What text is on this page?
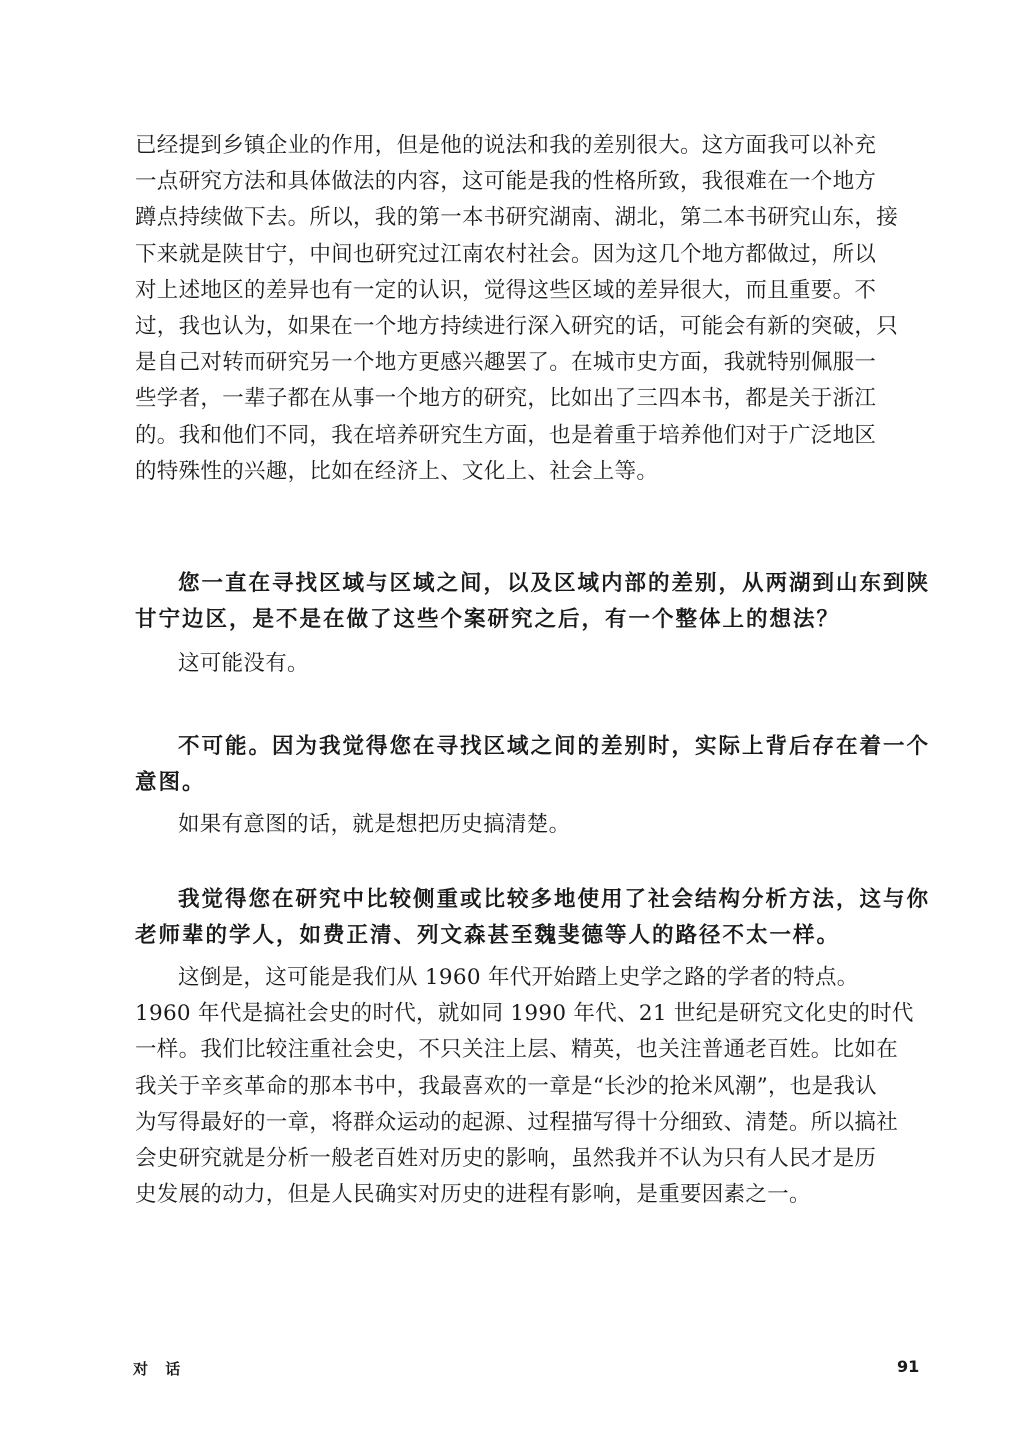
已经提到乡镇企业的作用，但是他的说法和我的差别很大。这方面我可以补充
一点研究方法和具体做法的内容，这可能是我的性格所致，我很难在一个地方
蹲点持续做下去。所以，我的第一本书研究湖南、湖北，第二本书研究山东，接
下来就是陕甘宁，中间也研究过江南农村社会。因为这几个地方都做过，所以
对上述地区的差异也有一定的认识，觉得这些区域的差异很大，而且重要。不
过，我也认为，如果在一个地方持续进行深入研究的话，可能会有新的突破，只
是自己对转而研究另一个地方更感兴趣罢了。在城市史方面，我就特别佩服一
些学者，一辈子都在从事一个地方的研究，比如出了三四本书，都是关于浙江
的。我和他们不同，我在培养研究生方面，也是着重于培养他们对于广泛地区
的特殊性的兴趣，比如在经济上、文化上、社会上等。
您一直在寻找区域与区域之间，以及区域内部的差别，从两湖到山东到陕
甘宁边区，是不是在做了这些个案研究之后，有一个整体上的想法？
这可能没有。
不可能。因为我觉得您在寻找区域之间的差别时，实际上背后存在着一个
意图。
如果有意图的话，就是想把历史搞清楚。
我觉得您在研究中比较侧重或比较多地使用了社会结构分析方法，这与你
老师辈的学人，如费正清、列文森甚至魏斐德等人的路径不太一样。
这倒是，这可能是我们从 1960 年代开始踏上史学之路的学者的特点。
1960 年代是搞社会史的时代，就如同 1990 年代、21 世纪是研究文化史的时代
一样。我们比较注重社会史，不只关注上层、精英，也关注普通老百姓。比如在
我关于辛亥革命的那本书中，我最喜欢的一章是“长沙的抢米风潮”，也是我认
为写得最好的一章，将群众运动的起源、过程描写得十分细致、清楚。所以搞社
会史研究就是分析一般老百姓对历史的影响，虽然我并不认为只有人民才是历
史发展的动力，但是人民确实对历史的进程有影响，是重要因素之一。
对 话	91
